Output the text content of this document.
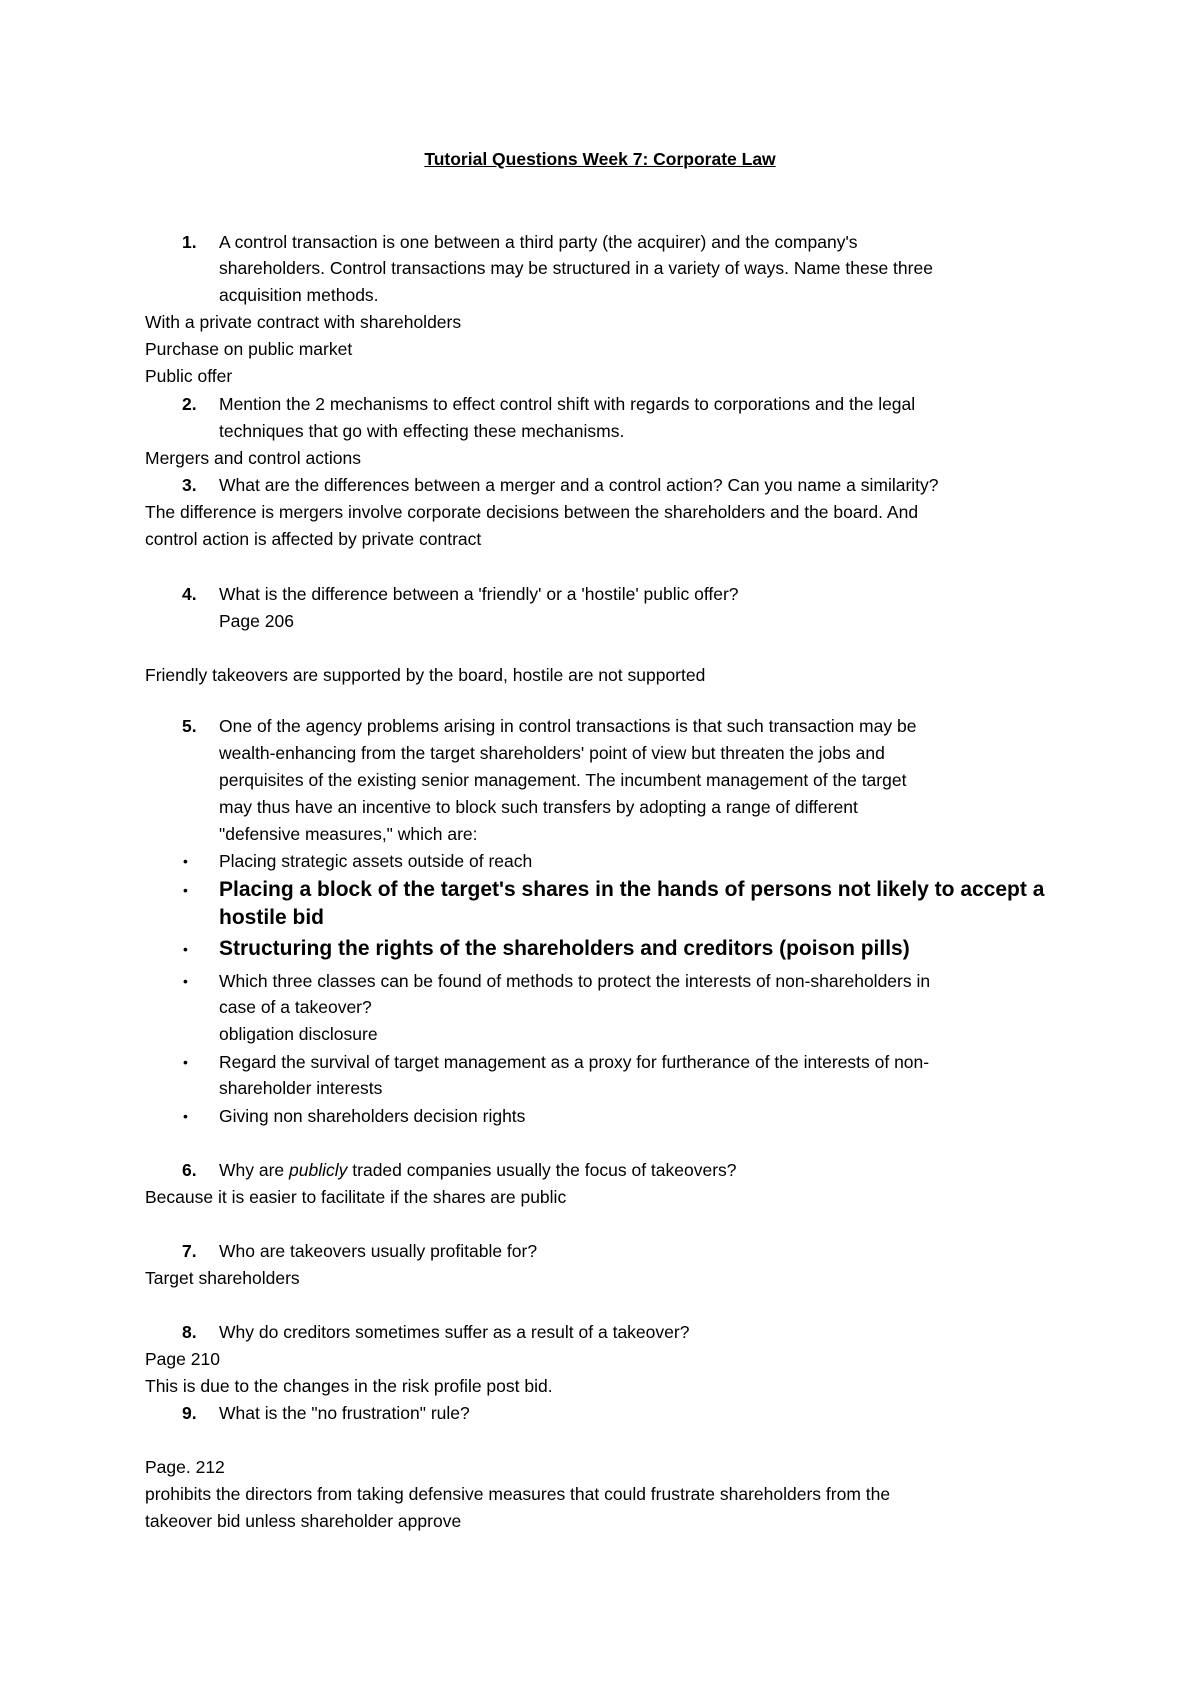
Tutorial Questions Week 7: Corporate Law
1. A control transaction is one between a third party (the acquirer) and the company's
shareholders. Control transactions may be structured in a variety of ways. Name these three
acquisition methods.
With a private contract with shareholders
Purchase on public market
Public offer
2. Mention the 2 mechanisms to effect control shift with regards to corporations and the legal
techniques that go with effecting these mechanisms.
Mergers and control actions
3. What are the differences between a merger and a control action? Can you name a similarity?
The difference is mergers involve corporate decisions between the shareholders and the board. And
control action is affected by private contract
4. What is the difference between a 'friendly' or a 'hostile' public offer?
Page 206
Friendly takeovers are supported by the board, hostile are not supported
5. One of the agency problems arising in control transactions is that such transaction may be
wealth-enhancing from the target shareholders' point of view but threaten the jobs and
perquisites of the existing senior management. The incumbent management of the target
may thus have an incentive to block such transfers by adopting a range of different
"defensive measures," which are:
• Placing strategic assets outside of reach
• Placing a block of the target's shares in the hands of persons not likely to accept a
hostile bid
• Structuring the rights of the shareholders and creditors (poison pills)
• Which three classes can be found of methods to protect the interests of non-shareholders in
case of a takeover?
obligation disclosure
• Regard the survival of target management as a proxy for furtherance of the interests of non-
shareholder interests
• Giving non shareholders decision rights
6. Why are publicly traded companies usually the focus of takeovers?
Because it is easier to facilitate if the shares are public
7. Who are takeovers usually profitable for?
Target shareholders
8. Why do creditors sometimes suffer as a result of a takeover?
Page 210
This is due to the changes in the risk profile post bid.
9. What is the "no frustration" rule?
Page. 212
prohibits the directors from taking defensive measures that could frustrate shareholders from the
takeover bid unless shareholder approve
